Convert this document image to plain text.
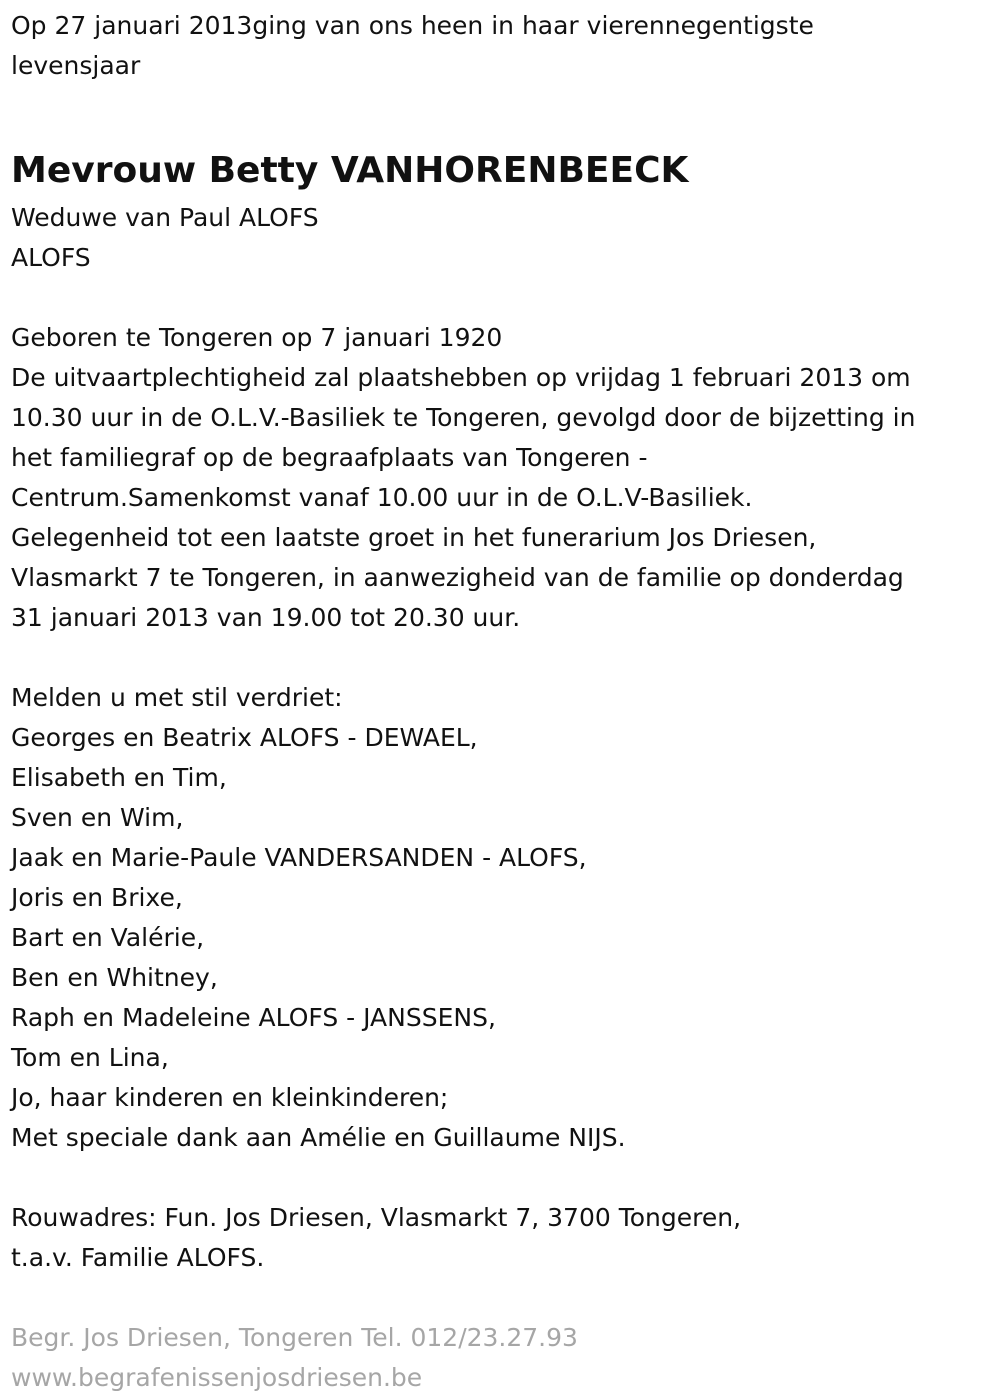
Op 27 januari 2013ging van ons heen in haar vierennegentigste
levensjaar
Mevrouw Betty VANHORENBEECK
Weduwe van Paul ALOFS
ALOFS
Geboren te Tongeren op 7 januari 1920
De uitvaartplechtigheid zal plaatshebben op vrijdag 1 februari 2013 om
10.30 uur in de O.L.V.-Basiliek te Tongeren, gevolgd door de bijzetting in
het familiegraf op de begraafplaats van Tongeren -
Centrum.Samenkomst vanaf 10.00 uur in de O.L.V-Basiliek.
Gelegenheid tot een laatste groet in het funerarium Jos Driesen,
Vlasmarkt 7 te Tongeren, in aanwezigheid van de familie op donderdag
31 januari 2013 van 19.00 tot 20.30 uur.
Melden u met stil verdriet:
Georges en Beatrix ALOFS - DEWAEL,
Elisabeth en Tim,
Sven en Wim,
Jaak en Marie-Paule VANDERSANDEN - ALOFS,
Joris en Brixe,
Bart en Valérie,
Ben en Whitney,
Raph en Madeleine ALOFS - JANSSENS,
Tom en Lina,
Jo, haar kinderen en kleinkinderen;
Met speciale dank aan Amélie en Guillaume NIJS.
Rouwadres: Fun. Jos Driesen, Vlasmarkt 7, 3700 Tongeren,
t.a.v. Familie ALOFS.
Begr. Jos Driesen, Tongeren Tel. 012/23.27.93
www.begrafenissenjosdriesen.be
